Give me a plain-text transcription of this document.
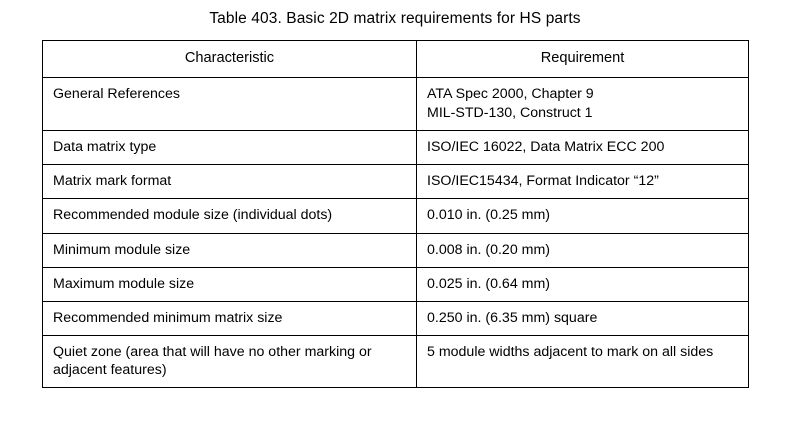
Table 403. Basic 2D matrix requirements for HS parts
Characteristic	Requirement
General References	ATA Spec 2000, Chapter 9
MIL-STD-130, Construct 1

Data matrix type	ISO/IEC 16022, Data Matrix ECC 200

Matrix mark format	ISO/IEC15434, Format Indicator “12”

Recommended module size (individual dots)	0.010 in. (0.25 mm)

Minimum module size	0.008 in. (0.20 mm)

Maximum module size	0.025 in. (0.64 mm)

Recommended minimum matrix size	0.250 in. (6.35 mm) square

Quiet zone (area that will have no other marking or adjacent features)	5 module widths adjacent to mark on all sides
